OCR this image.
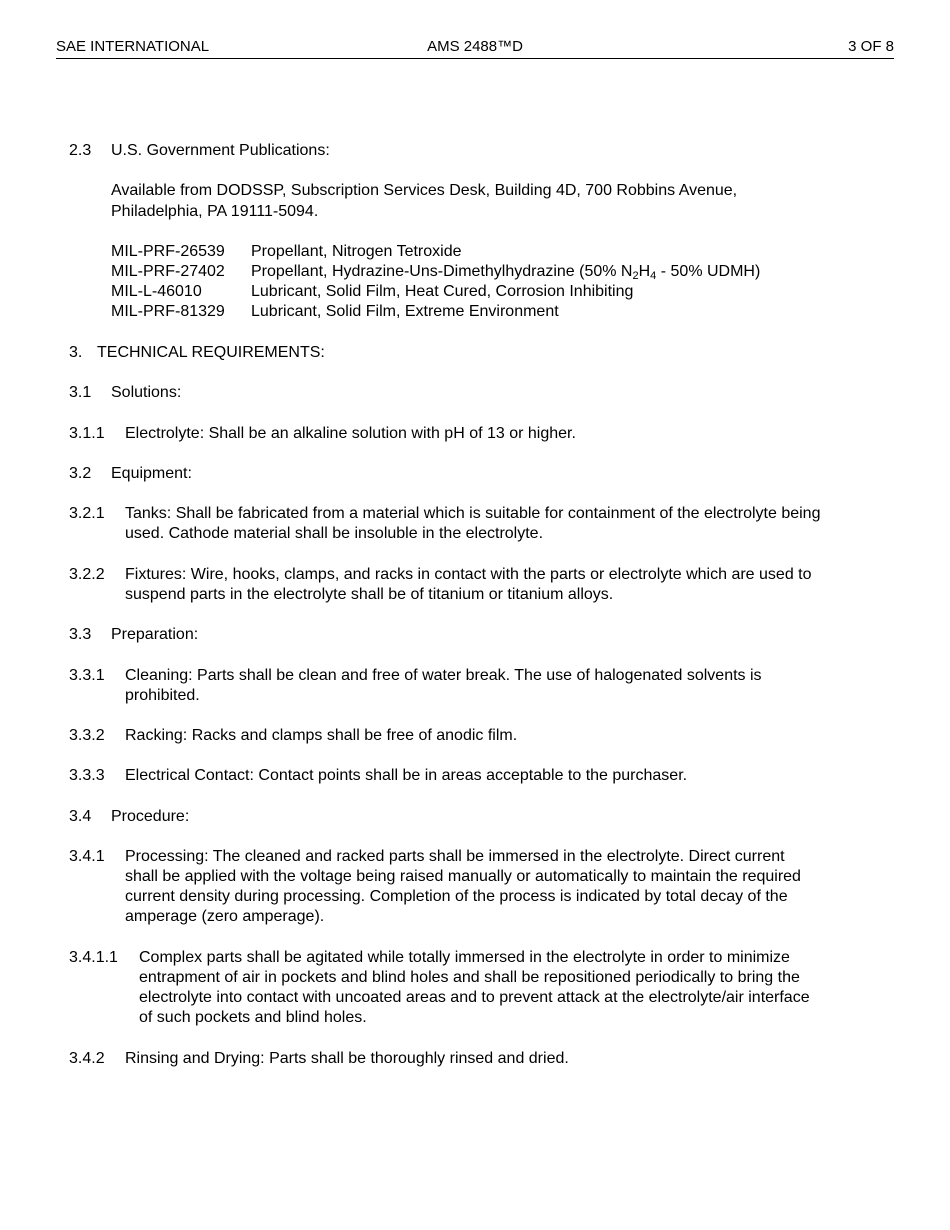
SAE INTERNATIONAL	AMS 2488™D	3 OF 8
2.3 U.S. Government Publications:
Available from DODSSP, Subscription Services Desk, Building 4D, 700 Robbins Avenue,
Philadelphia, PA 19111-5094.
MIL-PRF-26539 Propellant, Nitrogen Tetroxide
MIL-PRF-27402 Propellant, Hydrazine-Uns-Dimethylhydrazine (50% $N_2H_4 - 50\%$ UDMH)
MIL-L-46010	Lubricant, Solid Film, Heat Cured, Corrosion Inhibiting
MIL-PRF-81329 Lubricant, Solid Film, Extreme Environment
3. TECHNICAL REQUIREMENTS:
3.1 Solutions:
3.1.1 Electrolyte: Shall be an alkaline solution with pH of 13 or higher.
3.2 Equipment:
3.2.1 Tanks: Shall be fabricated from a material which is suitable for containment of the electrolyte being
used. Cathode material shall be insoluble in the electrolyte.
3.2.2 Fixtures: Wire, hooks, clamps, and racks in contact with the parts or electrolyte which are used to
suspend parts in the electrolyte shall be of titanium or titanium alloys.
3.3 Preparation:
3.3.1 Cleaning: Parts shall be clean and free of water break. The use of halogenated solvents is
prohibited.
3.3.2 Racking: Racks and clamps shall be free of anodic film.
3.3.3 Electrical Contact: Contact points shall be in areas acceptable to the purchaser.
3.4 Procedure:
3.4.1 Processing: The cleaned and racked parts shall be immersed in the electrolyte. Direct current
shall be applied with the voltage being raised manually or automatically to maintain the required
current density during processing. Completion of the process is indicated by total decay of the
amperage (zero amperage).
3.4.1.1 Complex parts shall be agitated while totally immersed in the electrolyte in order to minimize
entrapment of air in pockets and blind holes and shall be repositioned periodically to bring the
electrolyte into contact with uncoated areas and to prevent attack at the electrolyte/air interface
of such pockets and blind holes.
3.4.2 Rinsing and Drying: Parts shall be thoroughly rinsed and dried.
